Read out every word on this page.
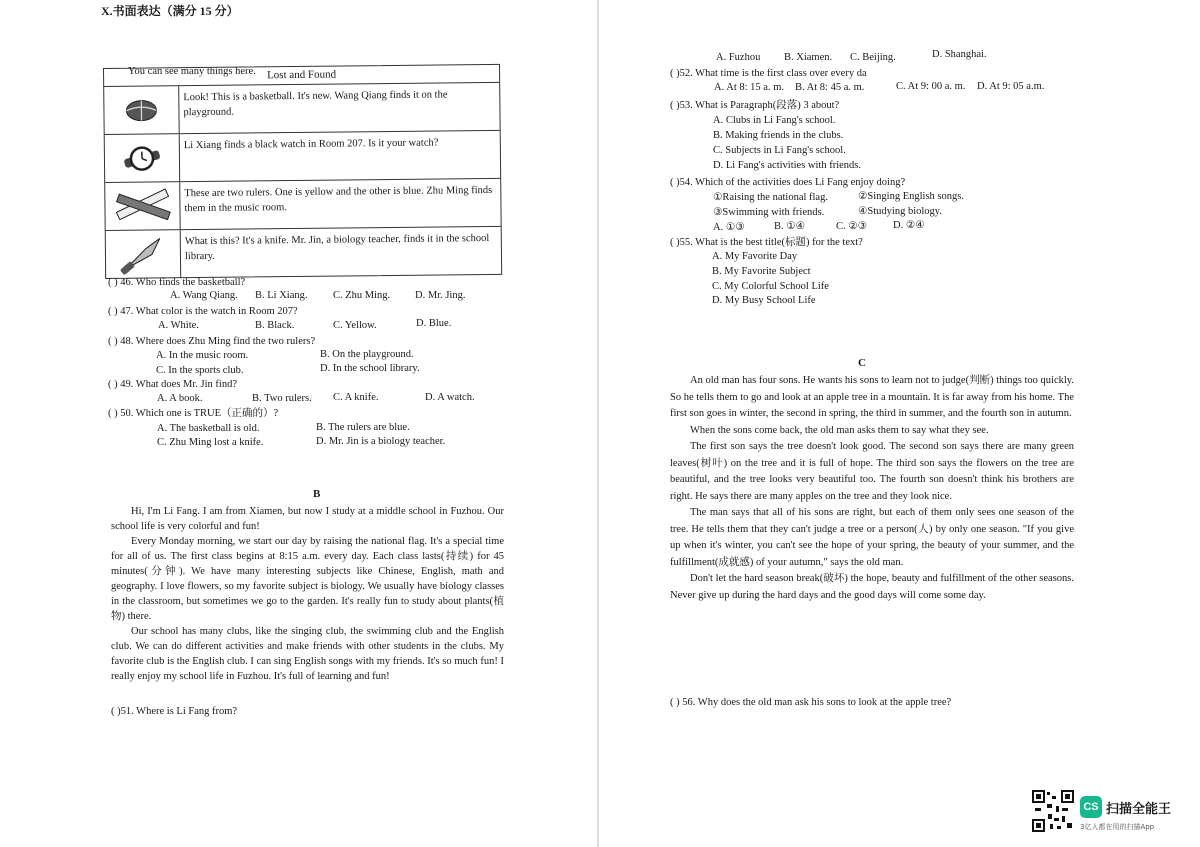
X.书面表达（满分 15 分）
You can see many things here.	Lost and Found
Look! This is a basketball. It's new. Wang Qiang finds it on the playground.
Li Xiang finds a black watch in Room 207. Is it your watch?
These are two rulers. One is yellow and the other is blue. Zhu Ming finds them in the music room.
What is this? It's a knife. Mr. Jin, a biology teacher, finds it in the school library.
( ) 46. Who finds the basketball?
A. Wang Qiang. B. Li Xiang. C. Zhu Ming. D. Mr. Jing.
( ) 47. What color is the watch in Room 207?
A. White.	B. Black.	C. Yellow.	D. Blue.
( ) 48. Where does Zhu Ming find the two rulers?
A. In the music room.	B. On the playground.
C. In the sports club.	D. In the school library.
( ) 49. What does Mr. Jin find?
A. A book.	B. Two rulers. C. A knife.	D. A watch.
( ) 50. Which one is TRUE（正确的）?
A. The basketball is old.	B. The rulers are blue.
C. Zhu Ming lost a knife.	D. Mr. Jin is a biology teacher.
B

Hi, I'm Li Fang. I am from Xiamen, but now I study at a middle school in Fuzhou. Our school life is very colorful and fun!

Every Monday morning, we start our day by raising the national flag. It's a special time for all of us. The first class begins at 8:15 a.m. every day. Each class lasts(持续) for 45 minutes(分钟). We have many interesting subjects like Chinese, English, math and geography. I love flowers, so my favorite subject is biology. We usually have biology classes in the classroom, but sometimes we go to the garden. It's really fun to study about plants(植物) there.

Our school has many clubs, like the singing club, the swimming club and the English club. We can do different activities and make friends with other students in the clubs. My favorite club is the English club. I can sing English songs with my friends. It's so much fun! I really enjoy my school life in Fuzhou. It's full of learning and fun!

( )51. Where is Li Fang from?
A. Fuzhou B. Xiamen. C. Beijing.	D. Shanghai.
( )52. What time is the first class over every da
A. At 8: 15 a. m. B. At 8: 45 a. m.	C. At 9: 00 a. m. D. At 9: 05 a.m.
( )53. What is Paragraph(段落) 3 about?
A. Clubs in Li Fang's school.
B. Making friends in the clubs.
C. Subjects in Li Fang's school.
D. Li Fang's activities with friends.
( )54. Which of the activities does Li Fang enjoy doing?
①Raising the national flag.	②Singing English songs.
③Swimming with friends.	④Studying biology.
A. ①③	B. ①④	C. ②③ D. ②④
( )55. What is the best title(标题) for the text?
A. My Favorite Day
B. My Favorite Subject
C. My Colorful School Life
D. My Busy School Life
C

An old man has four sons. He wants his sons to learn not to judge(判断) things too quickly. So he tells them to go and look at an apple tree in a mountain. It is far away from his home. The first son goes in winter, the second in spring, the third in summer, and the fourth son in autumn.

When the sons come back, the old man asks them to say what they see.

The first son says the tree doesn't look good. The second son says there are many green leaves(树叶) on the tree and it is full of hope. The third son says the flowers on the tree are beautiful, and the tree looks very beautiful too. The fourth son doesn't think his brothers are right. He says there are many apples on the tree and they look nice.

The man says that all of his sons are right, but each of them only sees one season of the tree. He tells them that they can't judge a tree or a person(人) by only one season. "If you give up when it's winter, you can't see the hope of your spring, the beauty of your summer, and the fulfillment(成就感) of your autumn," says the old man.

Don't let the hard season break(破坏) the hope, beauty and fulfillment of the other seasons. Never give up during the hard days and the good days will come some day.

( ) 56. Why does the old man ask his sons to look at the apple tree?
CS 扫描全能王
3亿人都在用的扫描App
